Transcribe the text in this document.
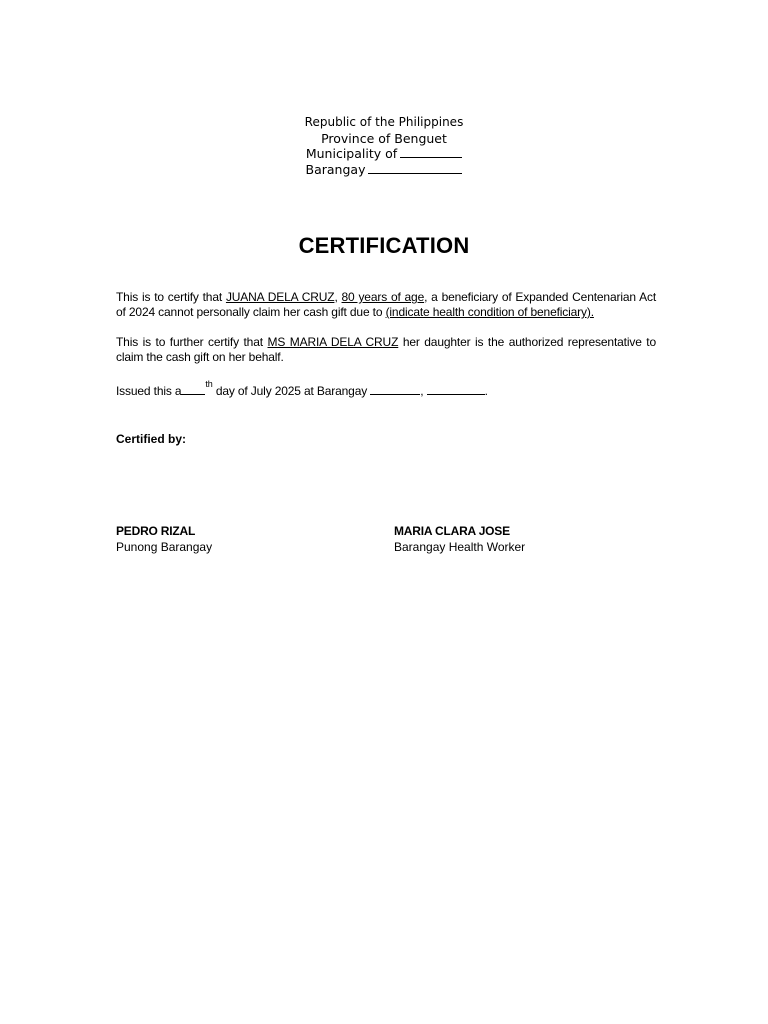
Republic of the Philippines
Province of Benguet
Municipality of
Barangay
CERTIFICATION
This is to certify that JUANA DELA CRUZ, 80 years of age, a beneficiary of Expanded Centenarian Act of 2024 cannot personally claim her cash gift due to (indicate health condition of beneficiary).
This is to further certify that MS MARIA DELA CRUZ her daughter is the authorized representative to claim the cash gift on her behalf.
Issued this a	$^{th}$ day of July 2025 at Barangay	,	.
Certified by:
PEDRO RIZAL
Punong Barangay
MARIA CLARA JOSE
Barangay Health Worker
